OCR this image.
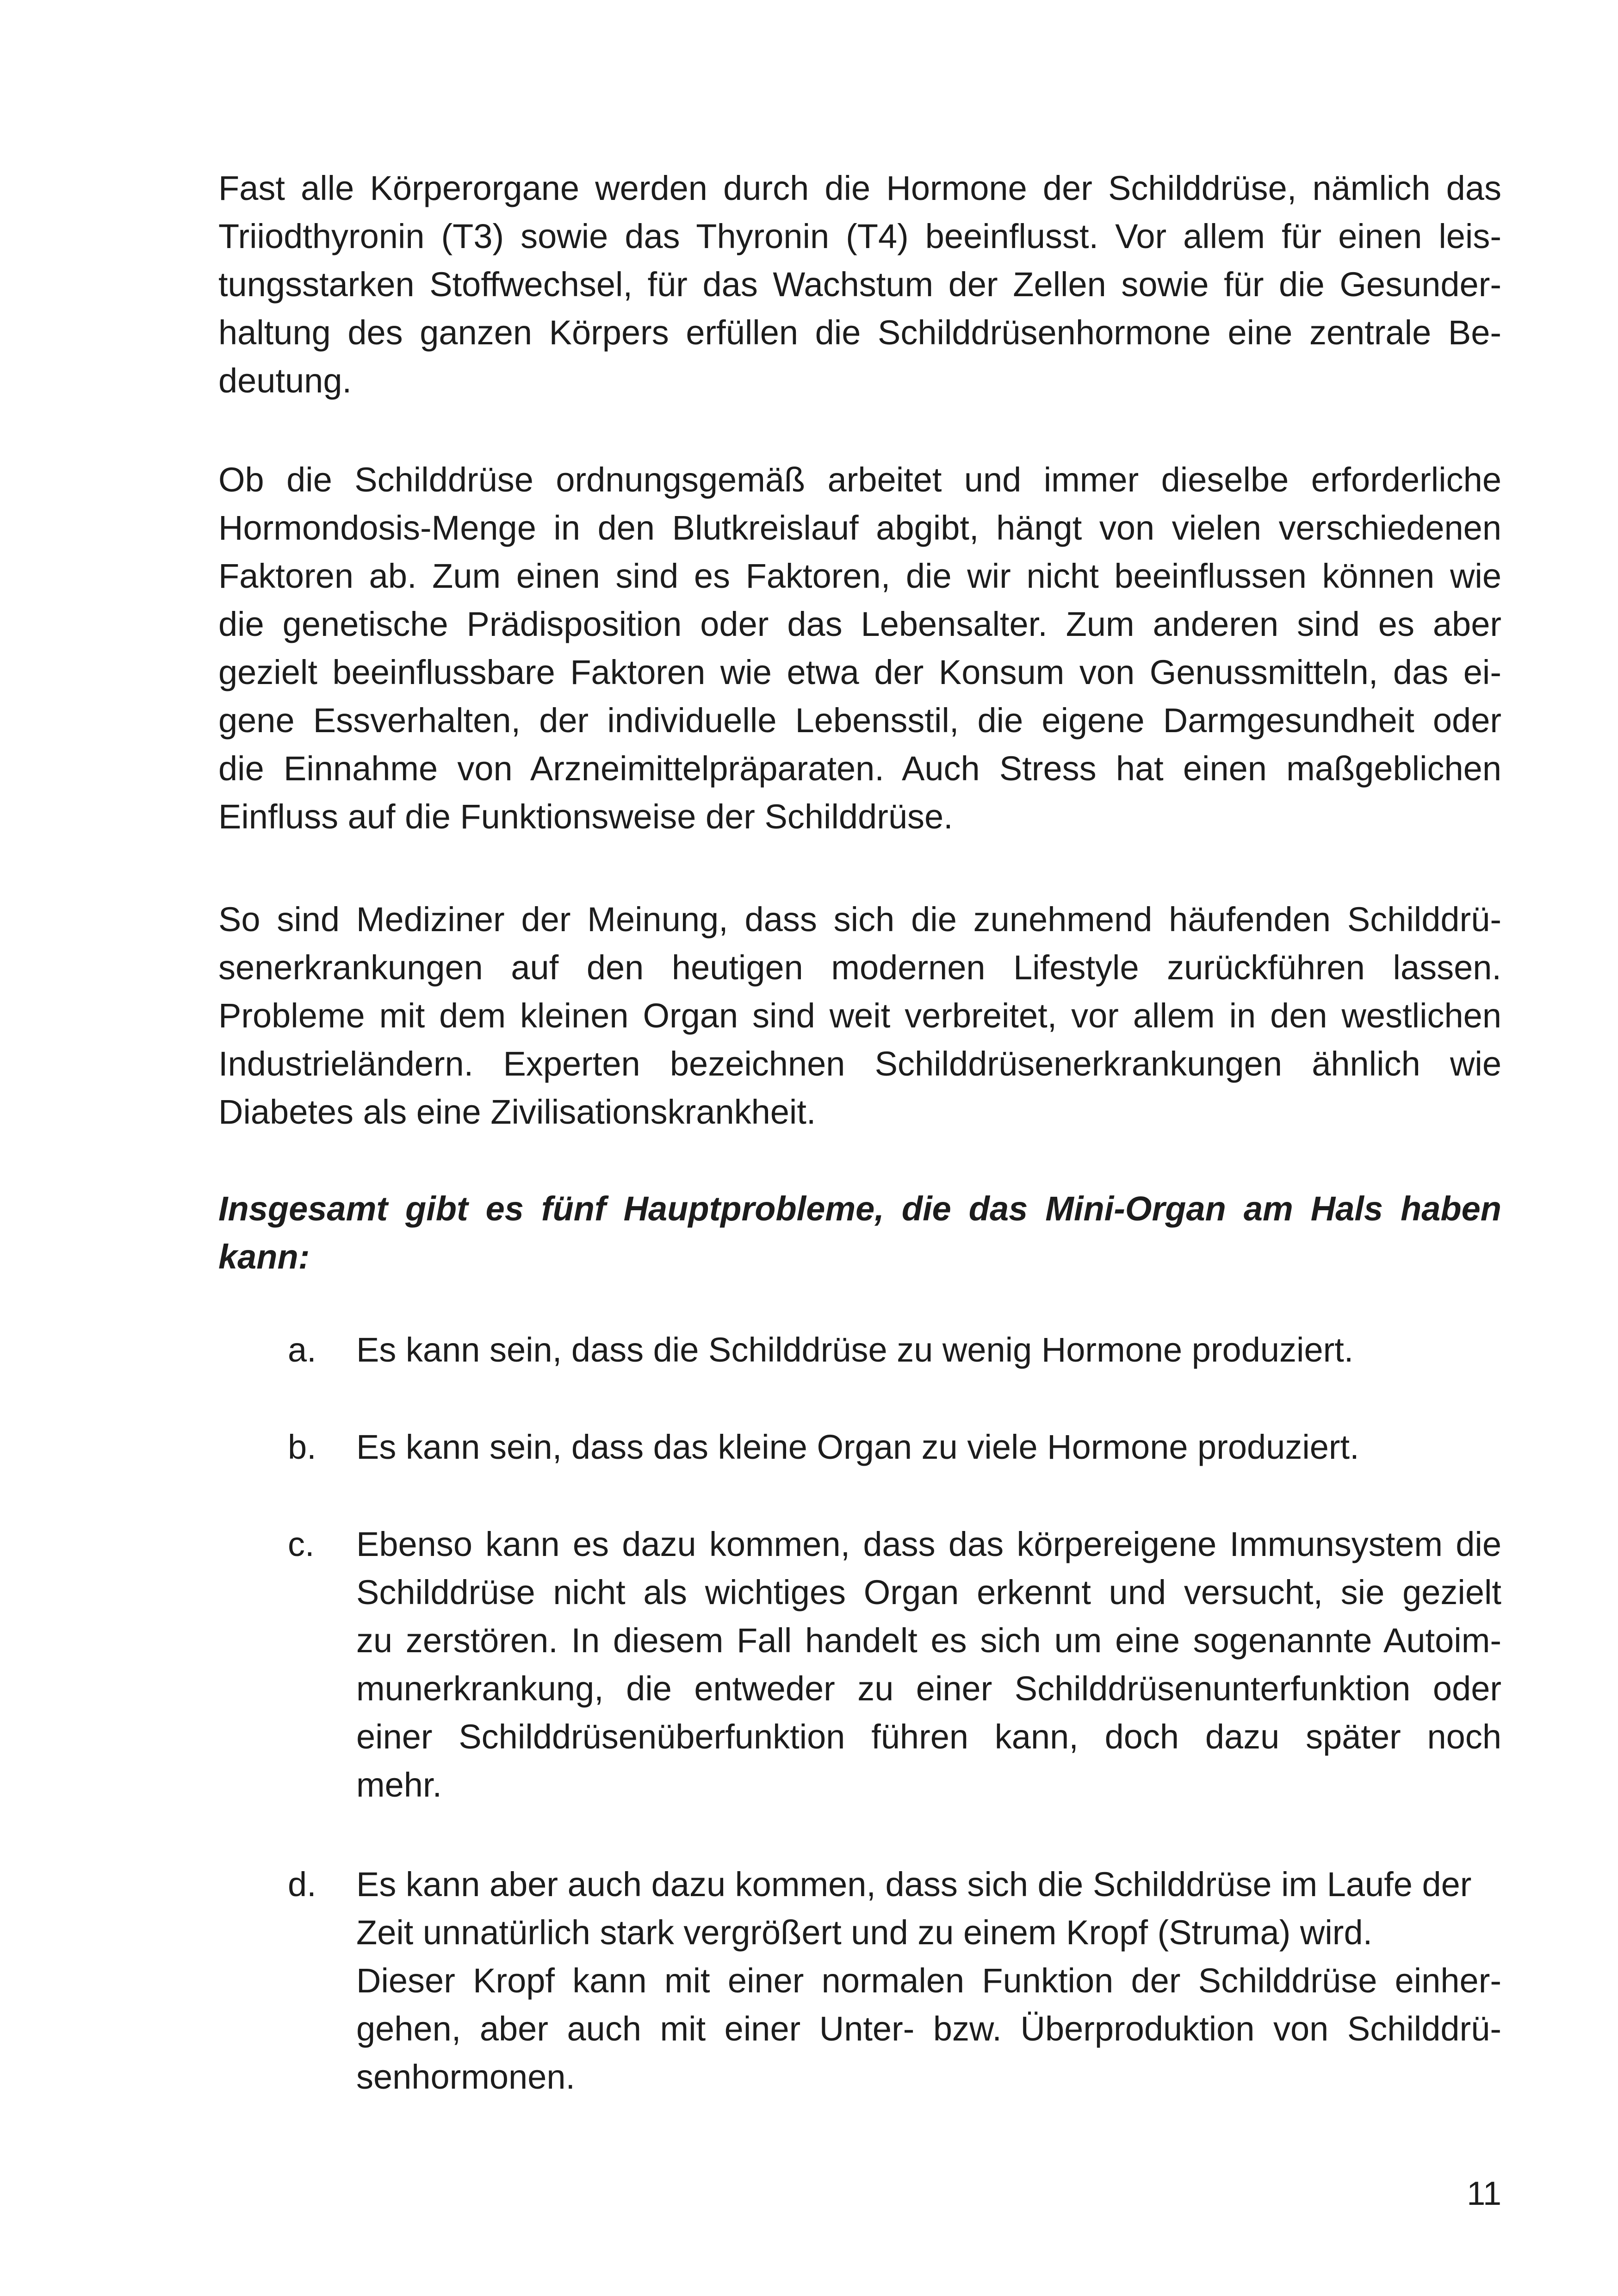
Fast alle Körperorgane werden durch die Hormone der Schilddrüse, nämlich das
Triiodthyronin (T3) sowie das Thyronin (T4) beeinflusst. Vor allem für einen leis-
tungsstarken Stoffwechsel, für das Wachstum der Zellen sowie für die Gesunder-
haltung des ganzen Körpers erfüllen die Schilddrüsenhormone eine zentrale Be-
deutung.
Ob die Schilddrüse ordnungsgemäß arbeitet und immer dieselbe erforderliche
Hormondosis-Menge in den Blutkreislauf abgibt, hängt von vielen verschiedenen
Faktoren ab. Zum einen sind es Faktoren, die wir nicht beeinflussen können wie
die genetische Prädisposition oder das Lebensalter. Zum anderen sind es aber
gezielt beeinflussbare Faktoren wie etwa der Konsum von Genussmitteln, das ei-
gene Essverhalten, der individuelle Lebensstil, die eigene Darmgesundheit oder
die Einnahme von Arzneimittelpräparaten. Auch Stress hat einen maßgeblichen
Einfluss auf die Funktionsweise der Schilddrüse.
So sind Mediziner der Meinung, dass sich die zunehmend häufenden Schilddrü-
senerkrankungen auf den heutigen modernen Lifestyle zurückführen lassen.
Probleme mit dem kleinen Organ sind weit verbreitet, vor allem in den westlichen
Industrieländern. Experten bezeichnen Schilddrüsenerkrankungen ähnlich wie
Diabetes als eine Zivilisationskrankheit.
Insgesamt gibt es fünf Hauptprobleme, die das Mini-Organ am Hals haben
kann:
a.	Es kann sein, dass die Schilddrüse zu wenig Hormone produziert.
b.	Es kann sein, dass das kleine Organ zu viele Hormone produziert.
c.	Ebenso kann es dazu kommen, dass das körpereigene Immunsystem die
Schilddrüse nicht als wichtiges Organ erkennt und versucht, sie gezielt
zu zerstören. In diesem Fall handelt es sich um eine sogenannte Autoim-
munerkrankung, die entweder zu einer Schilddrüsenunterfunktion oder
einer Schilddrüsenüberfunktion führen kann, doch dazu später noch
mehr.
d.	Es kann aber auch dazu kommen, dass sich die Schilddrüse im Laufe der
Zeit unnatürlich stark vergrößert und zu einem Kropf (Struma) wird.
Dieser Kropf kann mit einer normalen Funktion der Schilddrüse einher-
gehen, aber auch mit einer Unter- bzw. Überproduktion von Schilddrü-
senhormonen.
11
